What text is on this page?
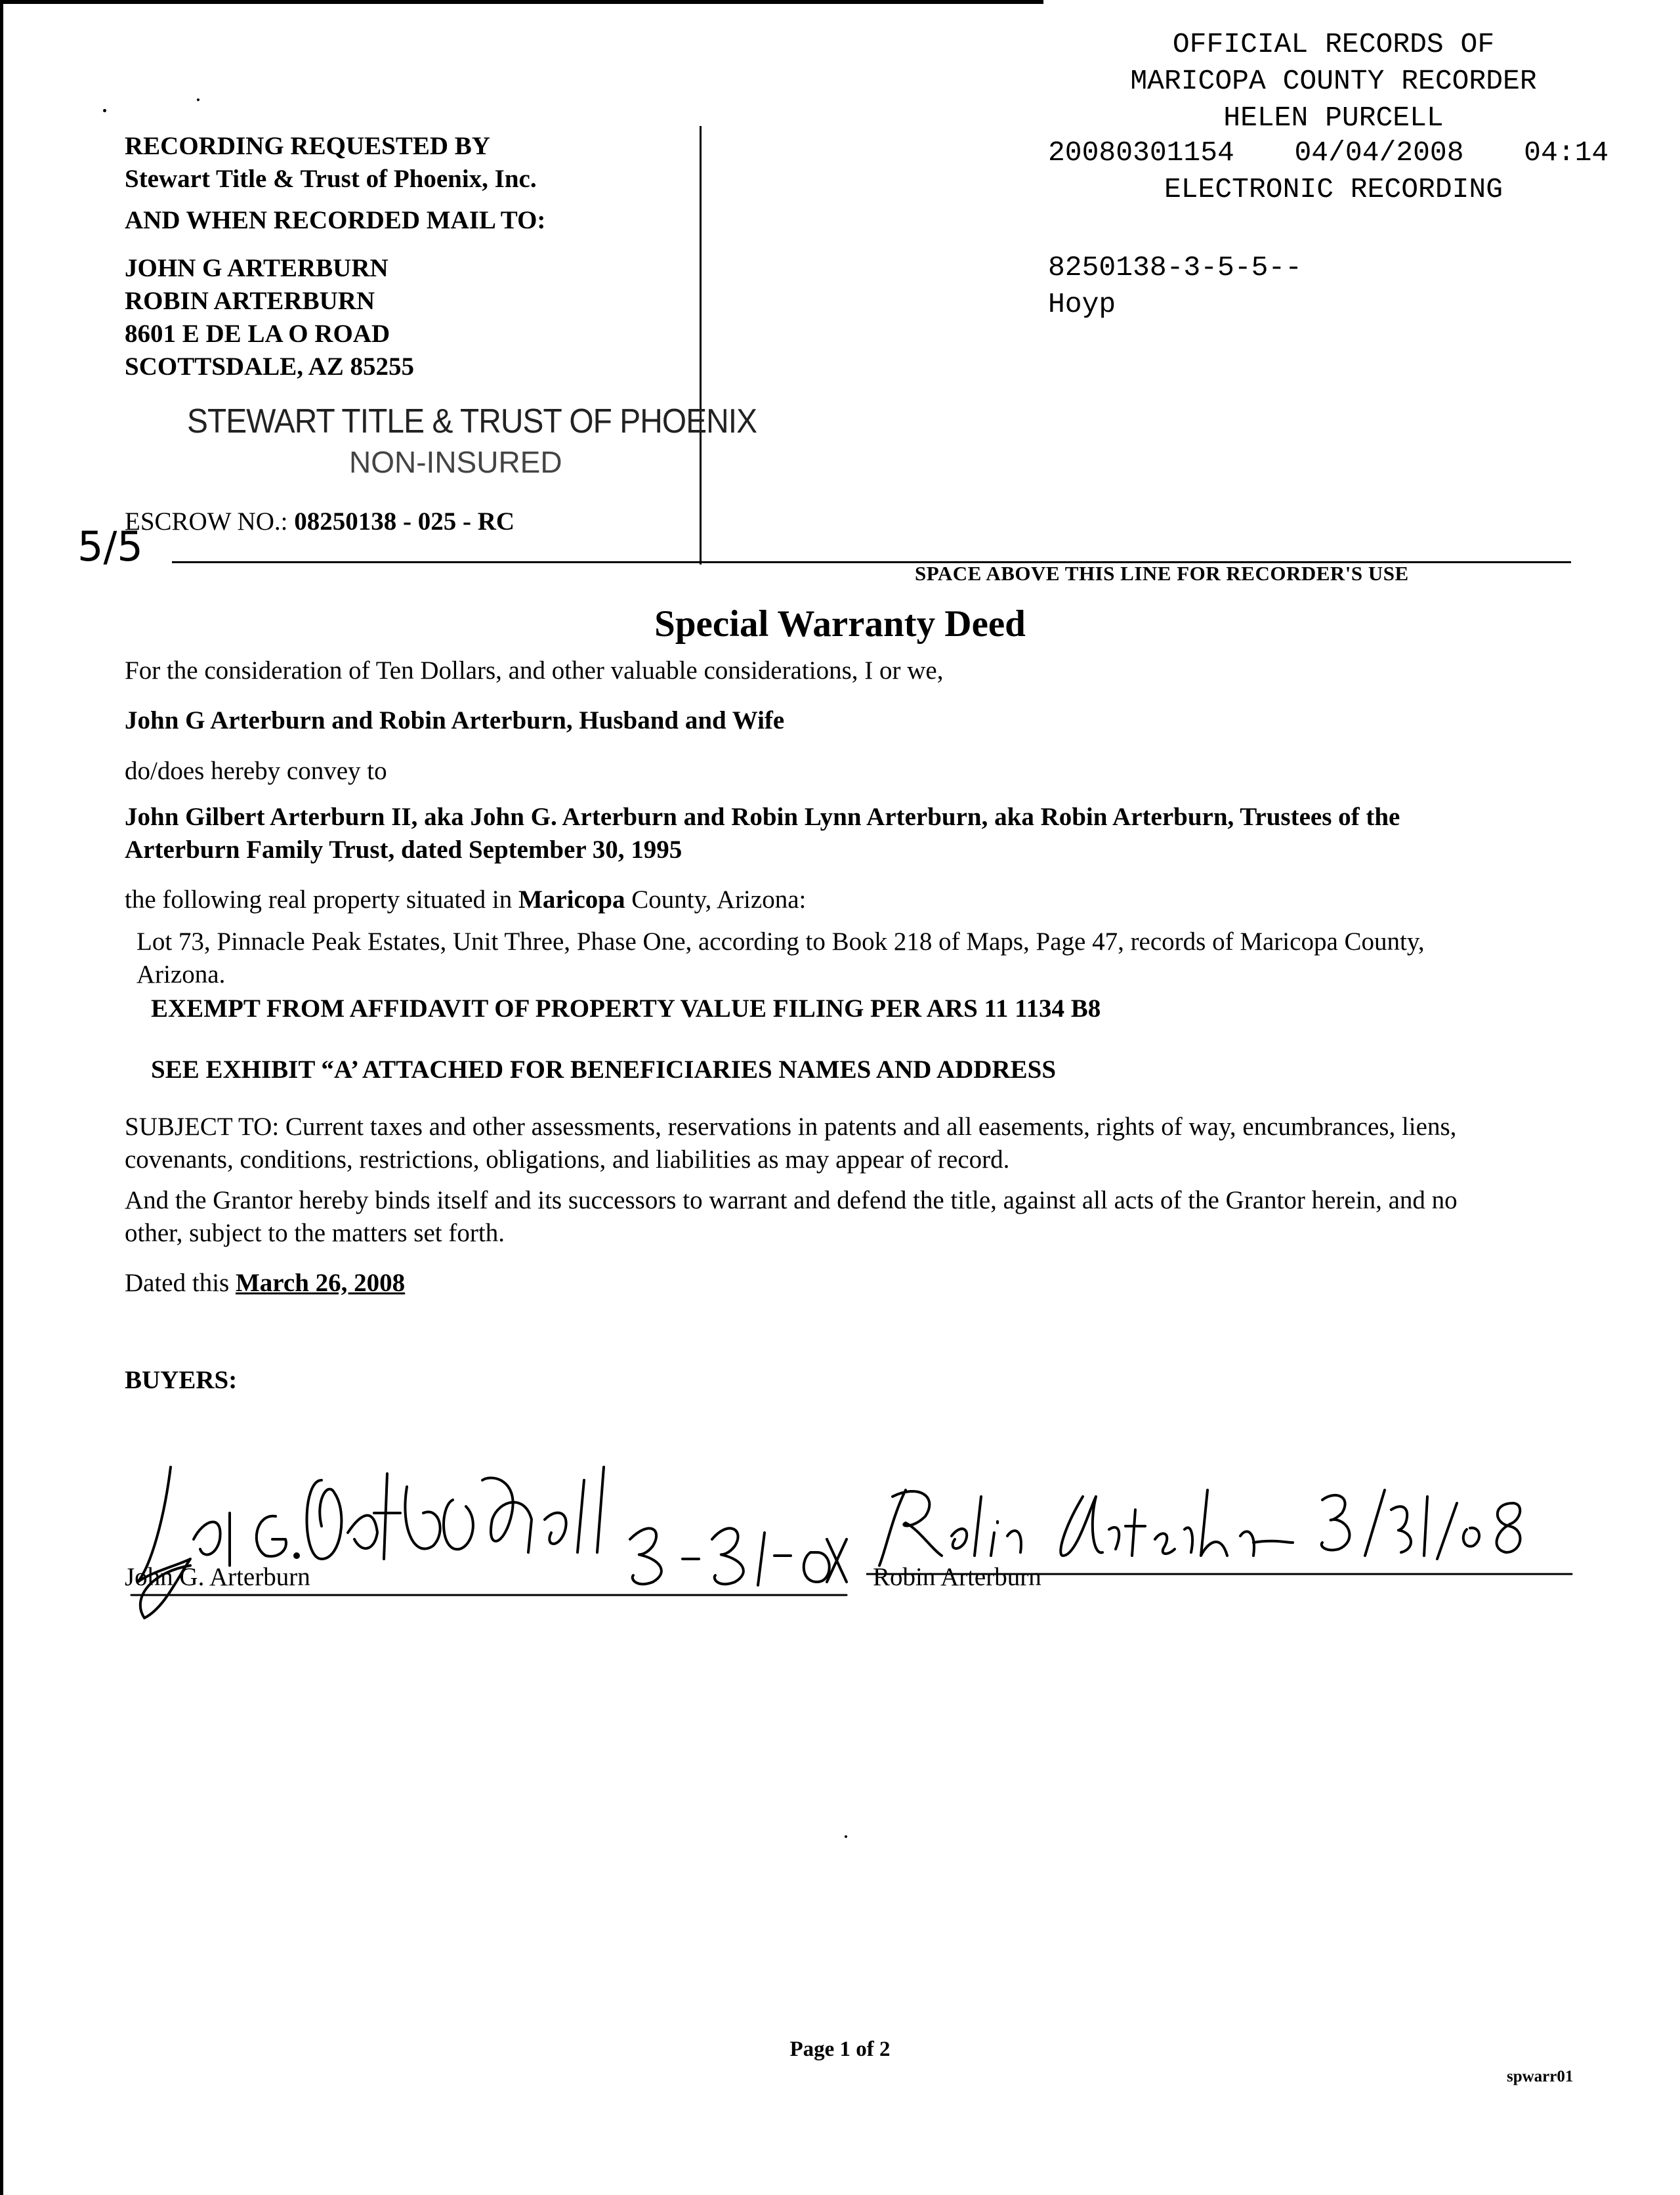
OFFICIAL RECORDS OF
MARICOPA COUNTY RECORDER
HELEN PURCELL
20080301154 04/04/2008 04:14
ELECTRONIC RECORDING
8250138-3-5-5--
Hoyp
RECORDING REQUESTED BY
Stewart Title & Trust of Phoenix, Inc.
AND WHEN RECORDED MAIL TO:
JOHN G ARTERBURN
ROBIN ARTERBURN
8601 E DE LA O ROAD
SCOTTSDALE, AZ 85255
STEWART TITLE & TRUST OF PHOENIX
NON-INSURED
5/5
ESCROW NO.: 08250138 - 025 - RC
SPACE ABOVE THIS LINE FOR RECORDER'S USE
Special Warranty Deed
For the consideration of Ten Dollars, and other valuable considerations, I or we,
John G Arterburn and Robin Arterburn, Husband and Wife
do/does hereby convey to
John Gilbert Arterburn II, aka John G. Arterburn and Robin Lynn Arterburn, aka Robin Arterburn, Trustees of the
Arterburn Family Trust, dated September 30, 1995
the following real property situated in Maricopa County, Arizona:
Lot 73, Pinnacle Peak Estates, Unit Three, Phase One, according to Book 218 of Maps, Page 47, records of Maricopa County,
Arizona.
EXEMPT FROM AFFIDAVIT OF PROPERTY VALUE FILING PER ARS 11 1134 B8
SEE EXHIBIT “A’ ATTACHED FOR BENEFICIARIES NAMES AND ADDRESS
SUBJECT TO: Current taxes and other assessments, reservations in patents and all easements, rights of way, encumbrances, liens,
covenants, conditions, restrictions, obligations, and liabilities as may appear of record.
And the Grantor hereby binds itself and its successors to warrant and defend the title, against all acts of the Grantor herein, and no
other, subject to the matters set forth.
Dated this March 26, 2008
BUYERS:
John G. Arterburn	Robin Arterburn
Page 1 of 2
spwarr01
